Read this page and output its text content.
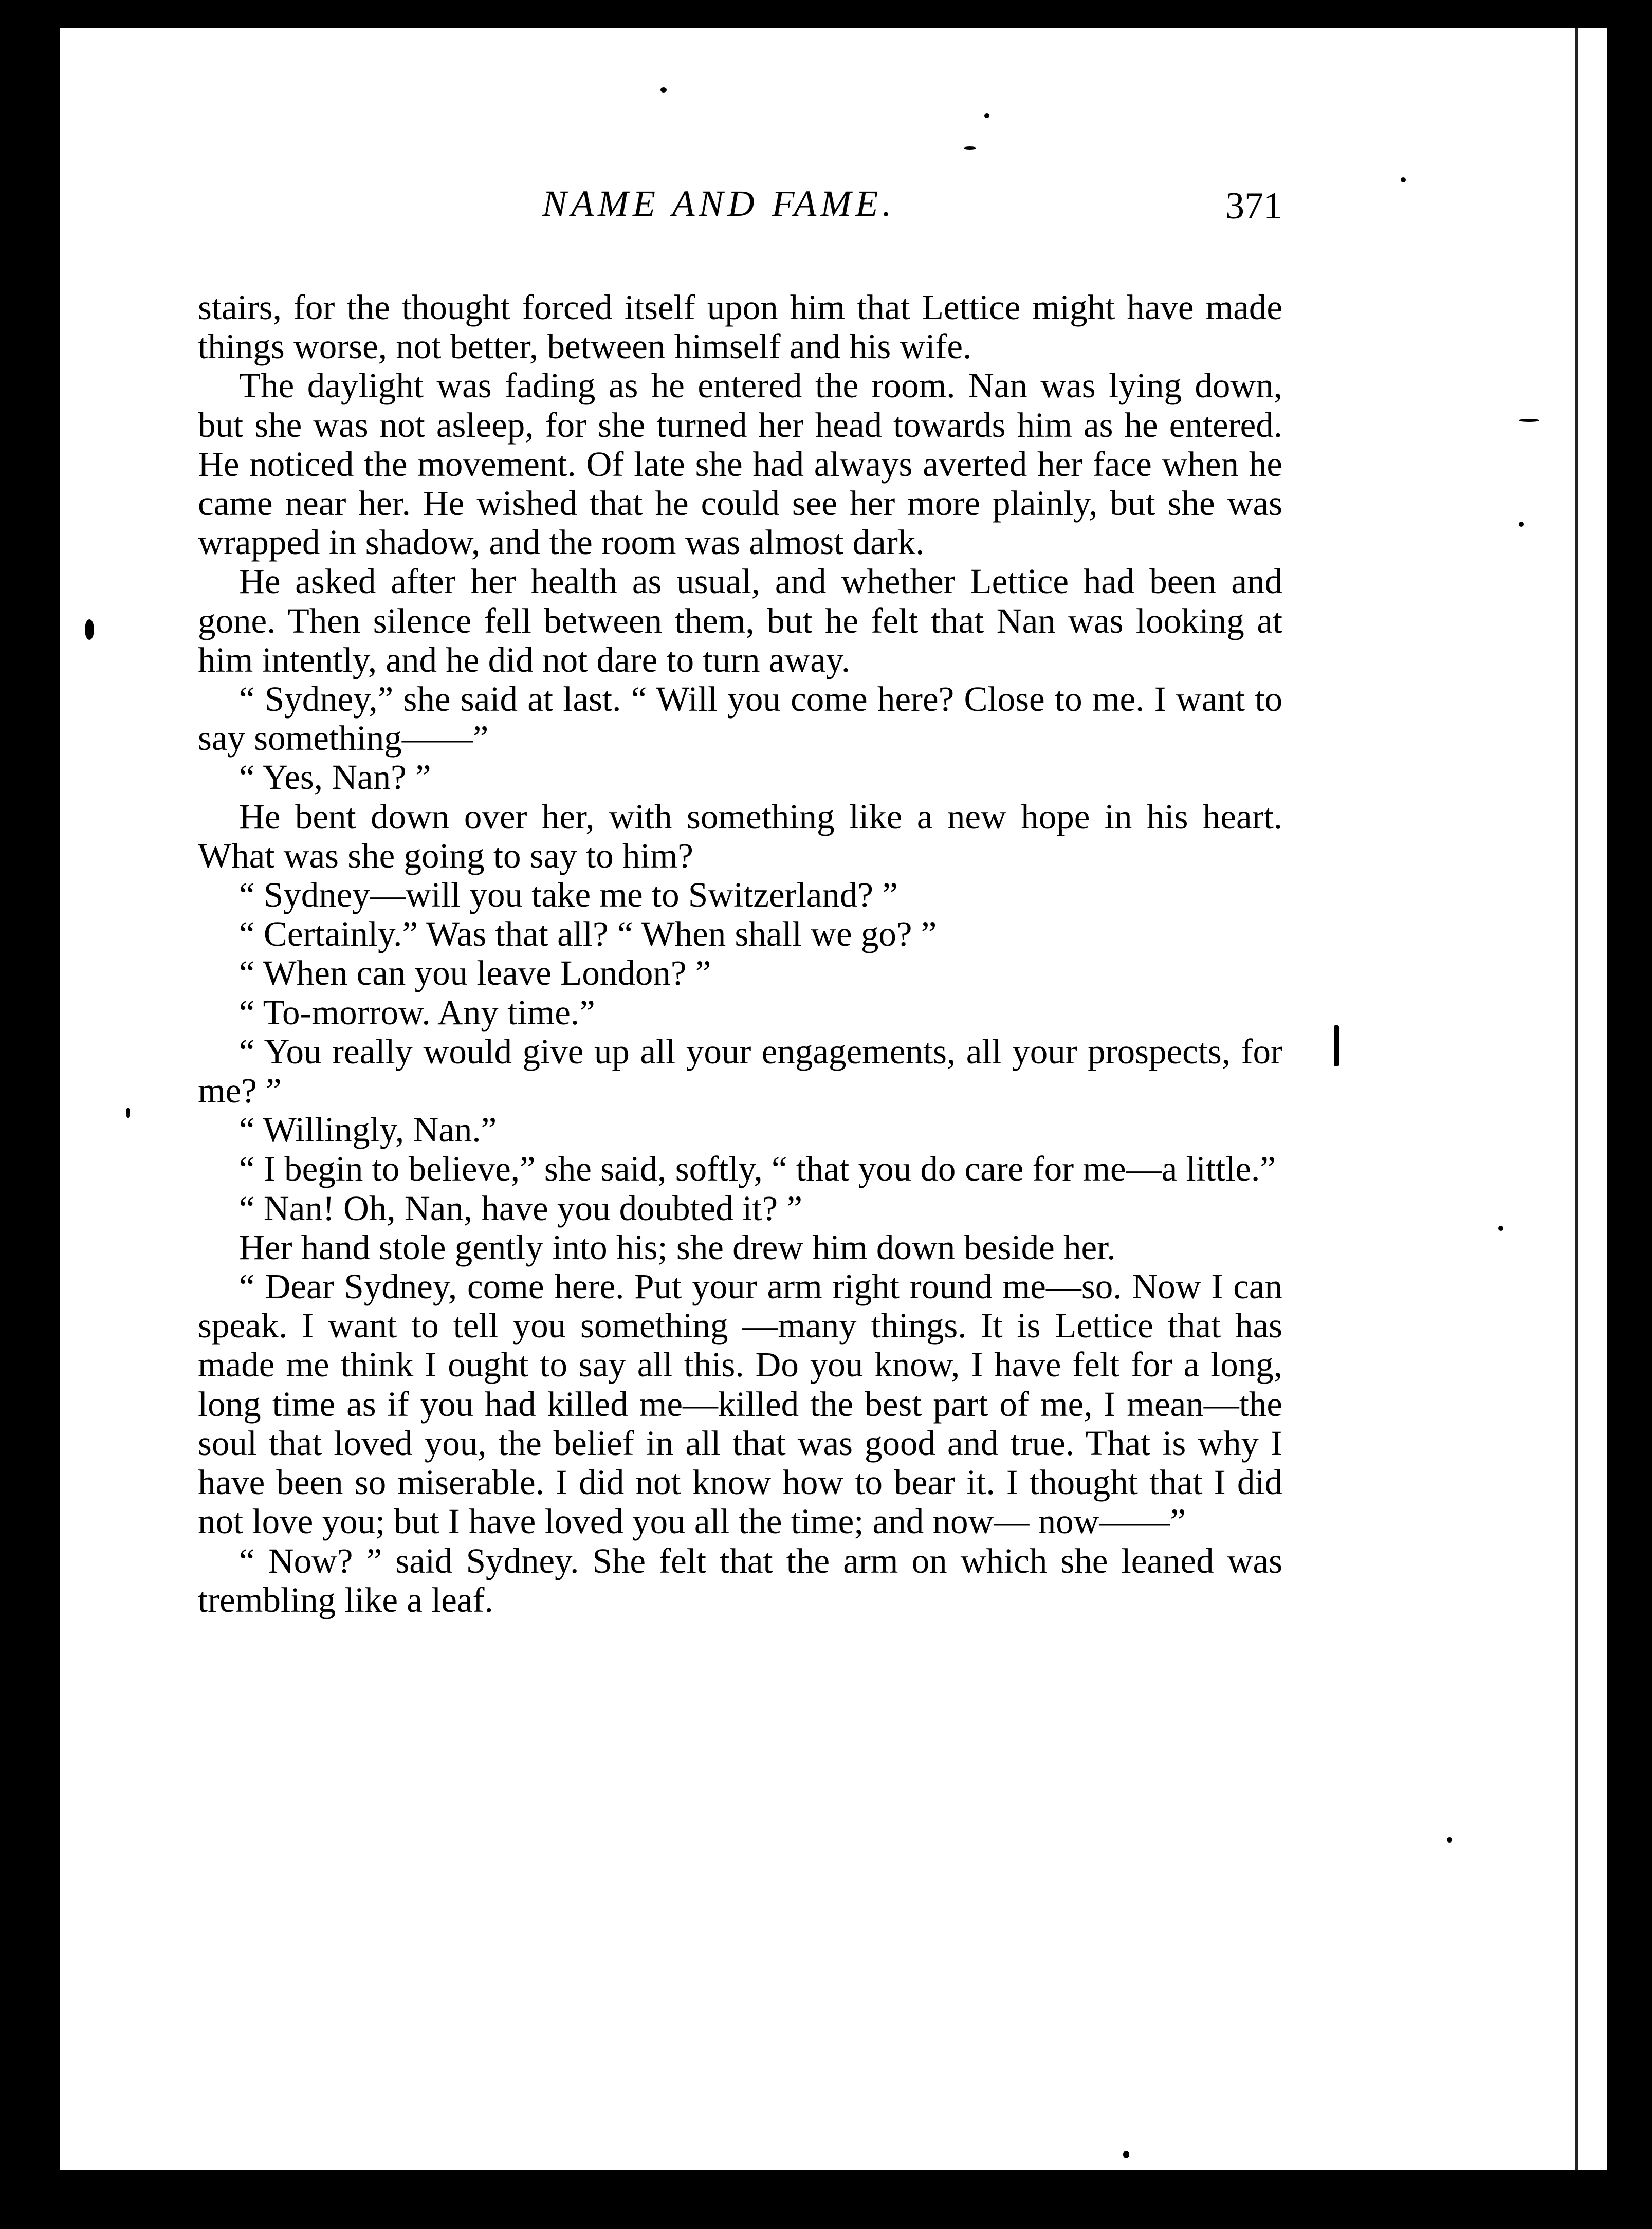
NAME AND FAME.	371

stairs, for the thought forced itself upon him that Lettice might have made things worse, not better, between himself and his wife.

The daylight was fading as he entered the room. Nan was lying down, but she was not asleep, for she turned her head towards him as he entered. He noticed the movement. Of late she had always averted her face when he came near her. He wished that he could see her more plainly, but she was wrapped in shadow, and the room was almost dark.

He asked after her health as usual, and whether Lettice had been and gone. Then silence fell between them, but he felt that Nan was looking at him intently, and he did not dare to turn away.

“ Sydney,” she said at last. “ Will you come here? Close to me. I want to say something——”

“ Yes, Nan? ”

He bent down over her, with something like a new hope in his heart. What was she going to say to him?

“ Sydney—will you take me to Switzerland? ”

“ Certainly.” Was that all? “ When shall we go? ”

“ When can you leave London? ”

“ To-morrow. Any time.”

“ You really would give up all your engagements, all your prospects, for me? ”

“ Willingly, Nan.”

“ I begin to believe,” she said, softly, “ that you do care for me—a little.”

“ Nan! Oh, Nan, have you doubted it? ”

Her hand stole gently into his; she drew him down beside her.

“ Dear Sydney, come here. Put your arm right round me—so. Now I can speak. I want to tell you something —many things. It is Lettice that has made me think I ought to say all this. Do you know, I have felt for a long, long time as if you had killed me—killed the best part of me, I mean—the soul that loved you, the belief in all that was good and true. That is why I have been so miserable. I did not know how to bear it. I thought that I did not love you; but I have loved you all the time; and now— now——”

“ Now? ” said Sydney. She felt that the arm on which she leaned was trembling like a leaf.
